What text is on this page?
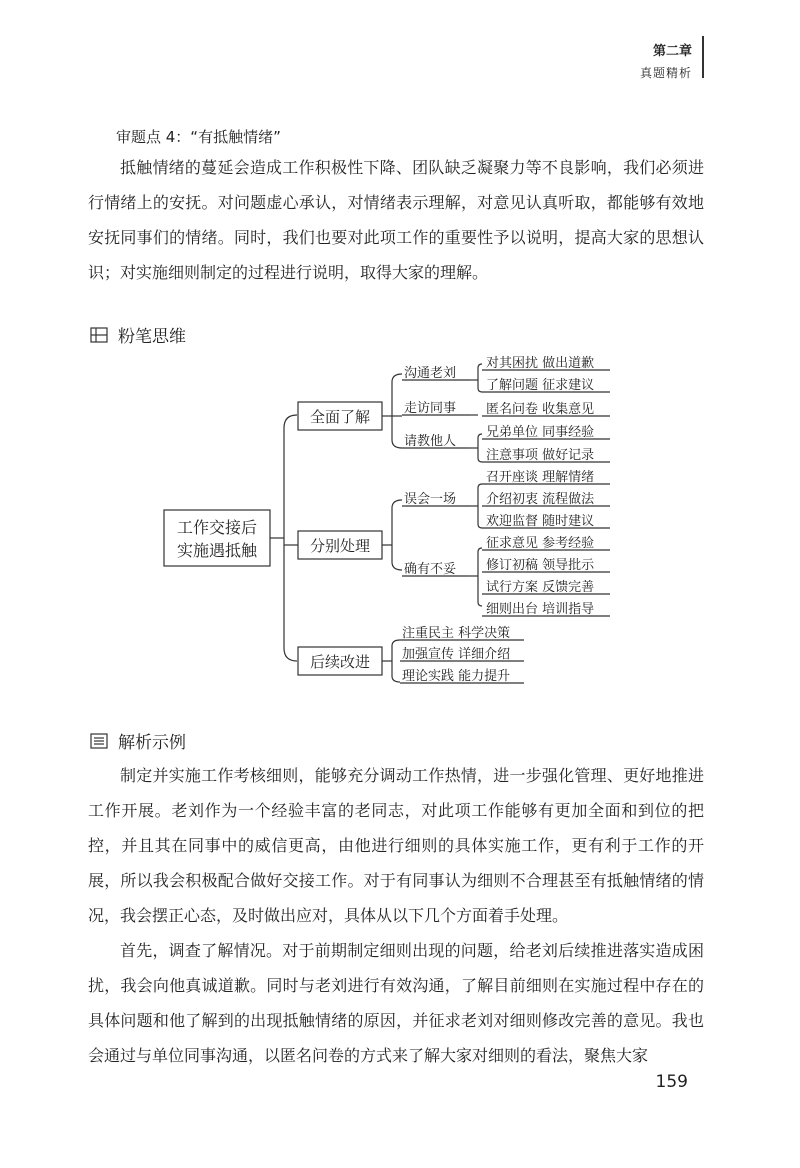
第二章
真题精析
审题点 4：“有抵触情绪”

抵触情绪的蔓延会造成工作积极性下降、团队缺乏凝聚力等不良影响，我们必须进行情绪上的安抚。对问题虚心承认，对情绪表示理解，对意见认真听取，都能够有效地安抚同事们的情绪。同时，我们也要对此项工作的重要性予以说明，提高大家的思想认识；对实施细则制定的过程进行说明，取得大家的理解。

粉笔思维
工作交接后
实施遇抵触
全面了解
分别处理
后续改进
沟通老刘
走访同事
请教他人
对其困扰 做出道歉
了解问题 征求建议
匿名问卷 收集意见
兄弟单位 同事经验
注意事项 做好记录
误会一场
确有不妥
召开座谈 理解情绪
介绍初衷 流程做法
欢迎监督 随时建议
征求意见 参考经验
修订初稿 领导批示
试行方案 反馈完善
细则出台 培训指导
注重民主 科学决策
加强宣传 详细介绍
理论实践 能力提升
解析示例

制定并实施工作考核细则，能够充分调动工作热情，进一步强化管理、更好地推进工作开展。老刘作为一个经验丰富的老同志，对此项工作能够有更加全面和到位的把控，并且其在同事中的威信更高，由他进行细则的具体实施工作，更有利于工作的开展，所以我会积极配合做好交接工作。对于有同事认为细则不合理甚至有抵触情绪的情况，我会摆正心态，及时做出应对，具体从以下几个方面着手处理。

首先，调查了解情况。对于前期制定细则出现的问题，给老刘后续推进落实造成困扰，我会向他真诚道歉。同时与老刘进行有效沟通，了解目前细则在实施过程中存在的具体问题和他了解到的出现抵触情绪的原因，并征求老刘对细则修改完善的意见。我也会通过与单位同事沟通，以匿名问卷的方式来了解大家对细则的看法，聚焦大家

159
